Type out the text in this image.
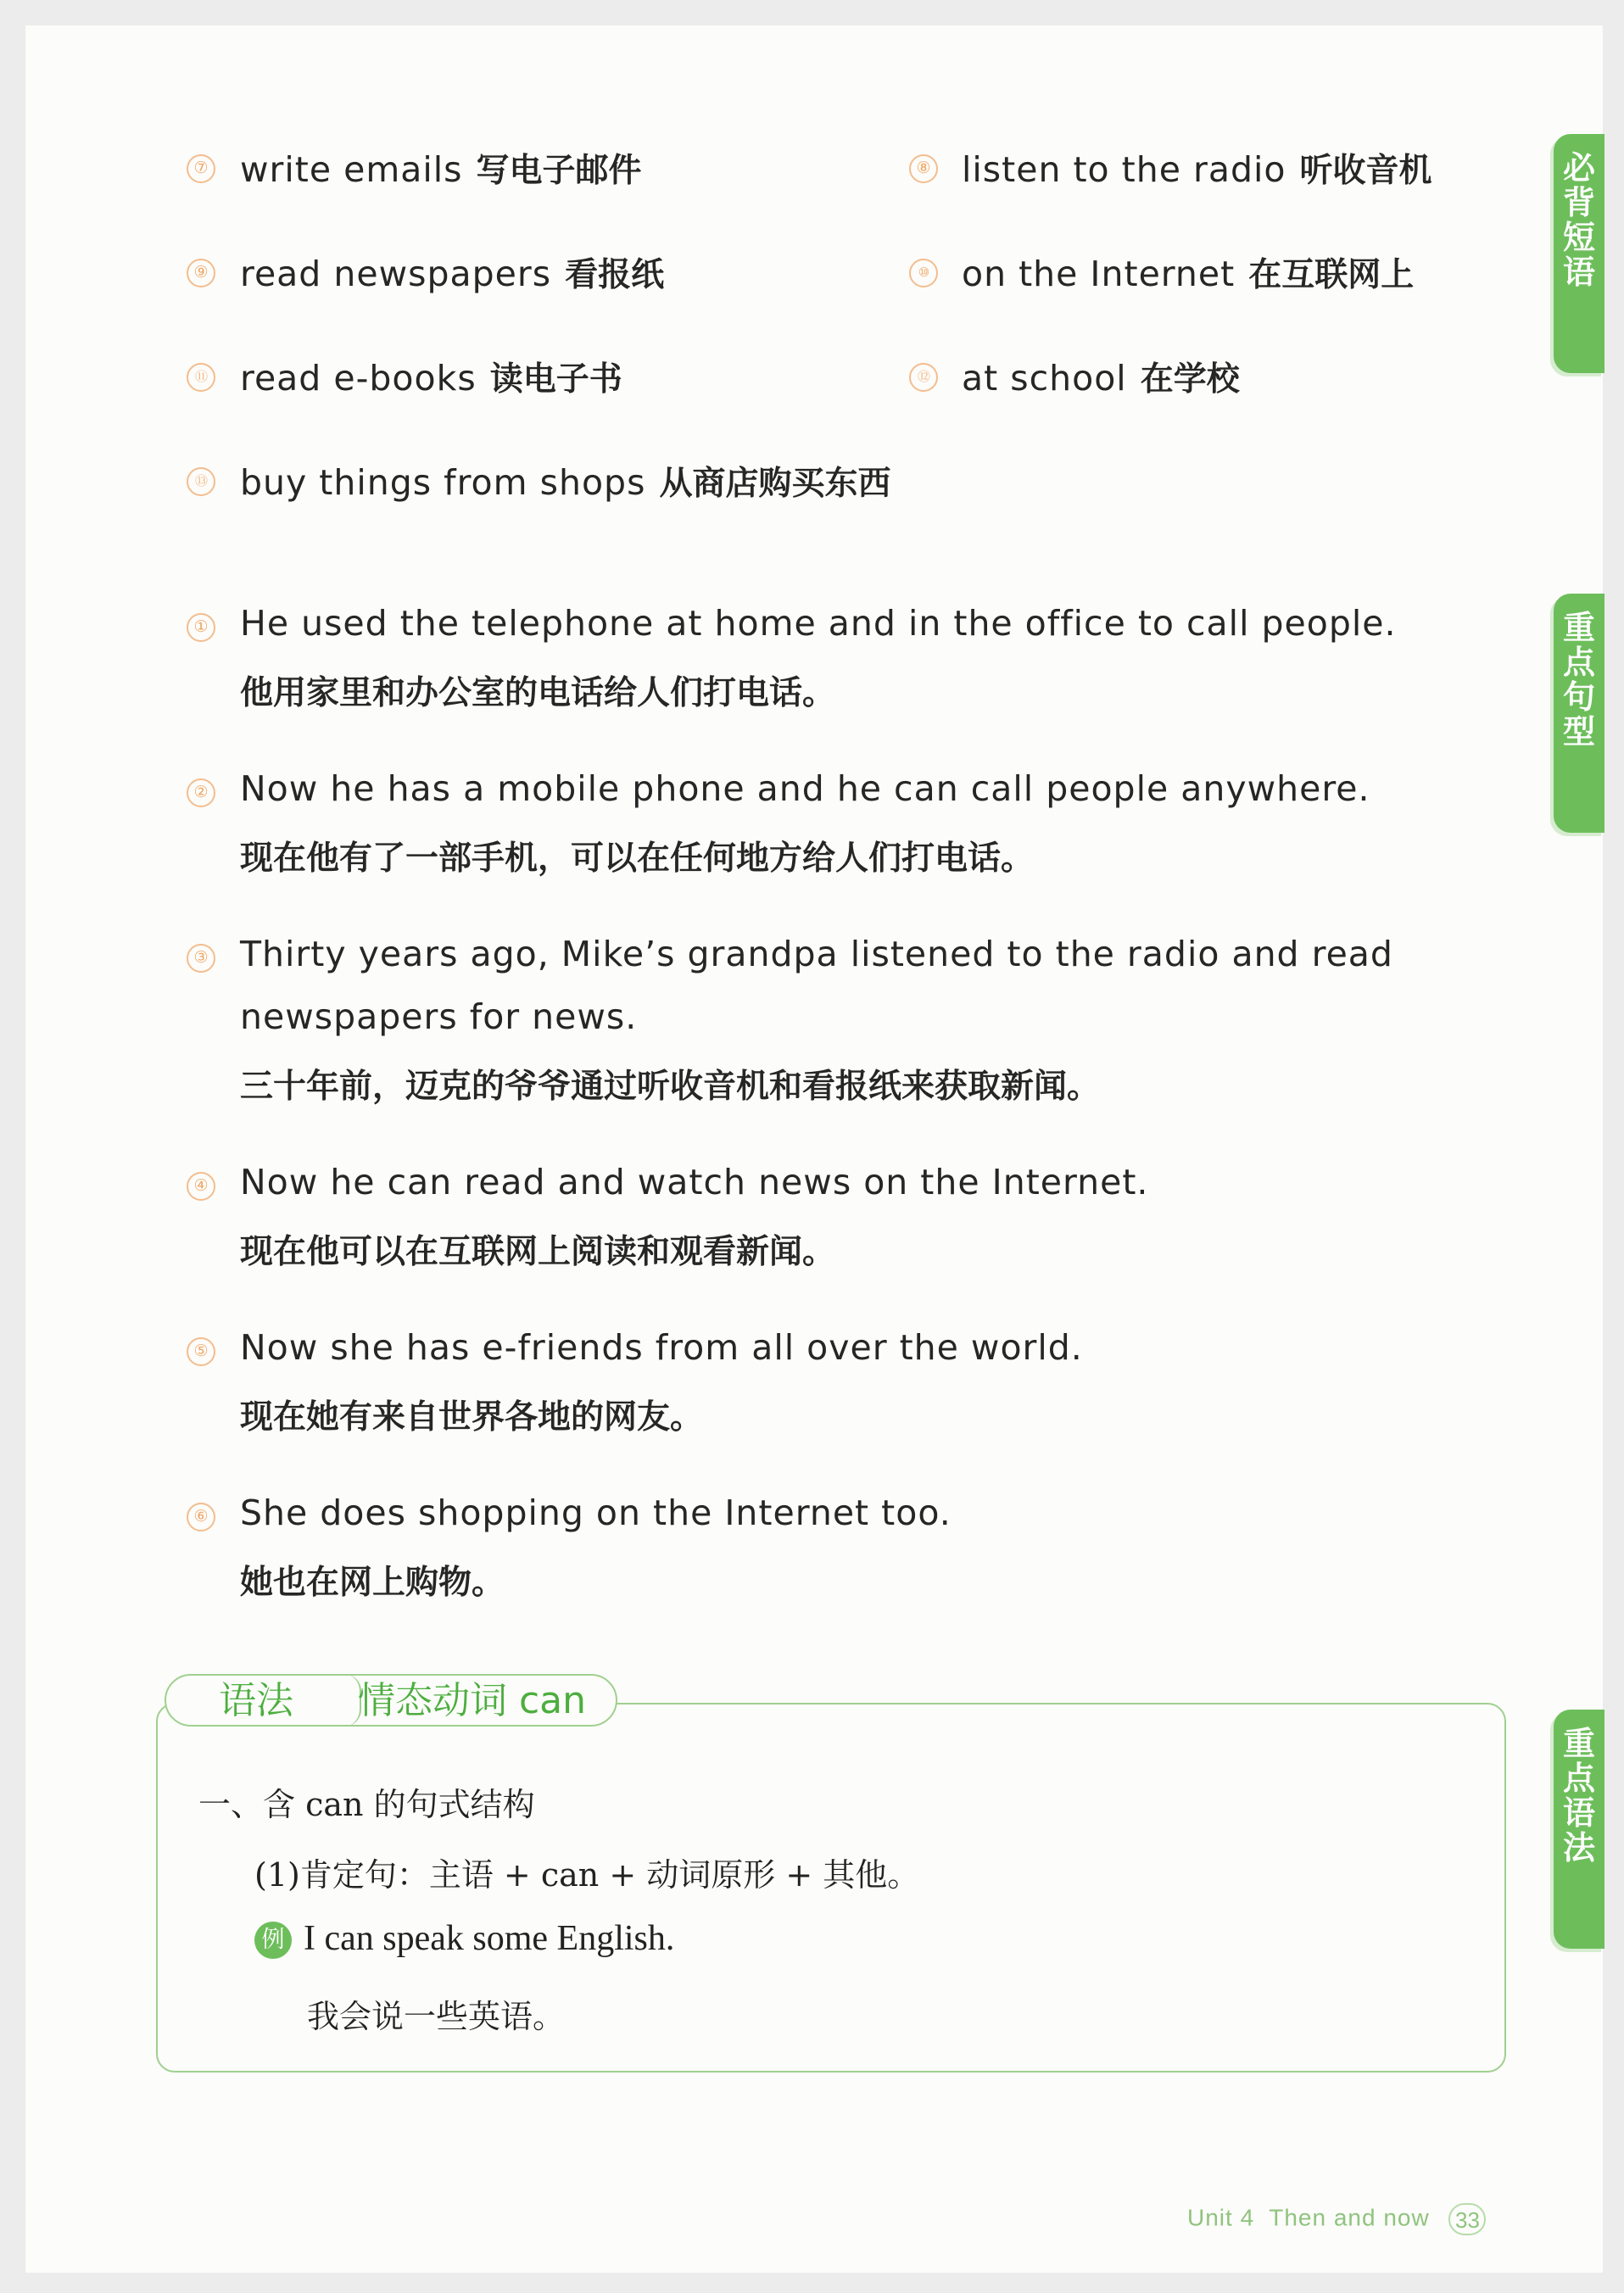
⑦ write emails 写电子邮件	⑧ listen to the radio 听收音机
⑨ read newspapers 看报纸	⑩ on the Internet 在互联网上
⑪ read e-books 读电子书	⑫ at school 在学校
⑬ buy things from shops 从商店购买东西
① He used the telephone at home and in the office to call people.
他用家里和办公室的电话给人们打电话。
② Now he has a mobile phone and he can call people anywhere.
现在他有了一部手机，可以在任何地方给人们打电话。
③ Thirty years ago, Mike’s grandpa listened to the radio and read
newspapers for news.
三十年前，迈克的爷爷通过听收音机和看报纸来获取新闻。
④ Now he can read and watch news on the Internet.
现在他可以在互联网上阅读和观看新闻。
⑤ Now she has e-friends from all over the world.
现在她有来自世界各地的网友。
⑥ She does shopping on the Internet too.
她也在网上购物。
必
背
短
语
重
点
句
型
重
点
语
法
语法 情态动词 can
一、含 can 的句式结构
(1)肯定句：主语 + can + 动词原形 + 其他。
例 I can speak some English.
我会说一些英语。
Unit 4 Then and now 33
